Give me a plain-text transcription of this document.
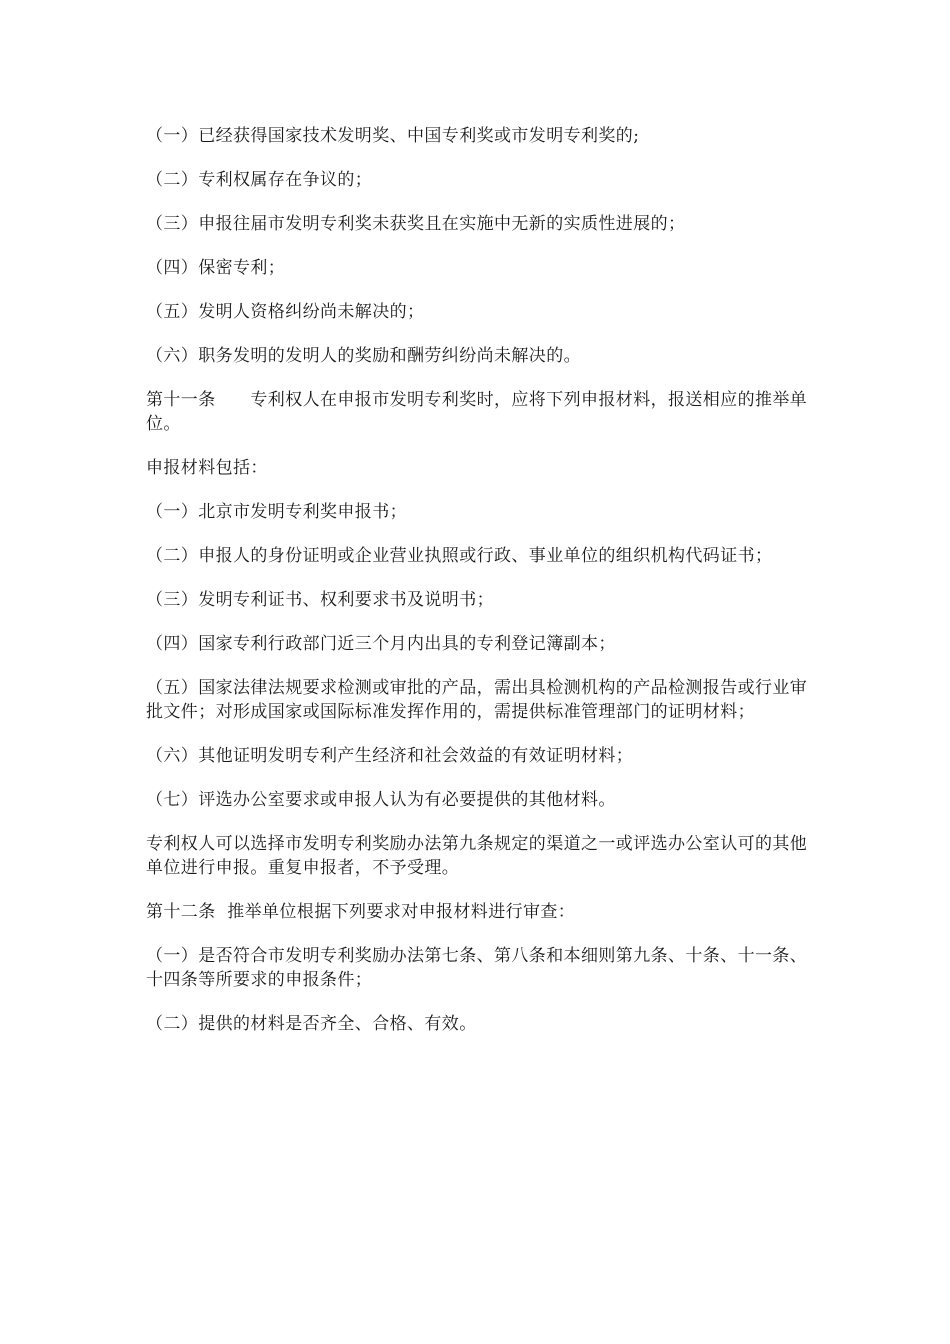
（一）已经获得国家技术发明奖、中国专利奖或市发明专利奖的;

（二）专利权属存在争议的；

（三）申报往届市发明专利奖未获奖且在实施中无新的实质性进展的；

（四）保密专利；

（五）发明人资格纠纷尚未解决的；

（六）职务发明的发明人的奖励和酬劳纠纷尚未解决的。

第十一条　　专利权人在申报市发明专利奖时，应将下列申报材料，报送相应的推举单位。

申报材料包括：

（一）北京市发明专利奖申报书；

（二）申报人的身份证明或企业营业执照或行政、事业单位的组织机构代码证书；

（三）发明专利证书、权利要求书及说明书；

（四）国家专利行政部门近三个月内出具的专利登记簿副本；

（五）国家法律法规要求检测或审批的产品，需出具检测机构的产品检测报告或行业审批文件；对形成国家或国际标准发挥作用的，需提供标准管理部门的证明材料；

（六）其他证明发明专利产生经济和社会效益的有效证明材料；

（七）评选办公室要求或申报人认为有必要提供的其他材料。

专利权人可以选择市发明专利奖励办法第九条规定的渠道之一或评选办公室认可的其他单位进行申报。重复申报者，不予受理。

第十二条  推举单位根据下列要求对申报材料进行审查：

（一）是否符合市发明专利奖励办法第七条、第八条和本细则第九条、十条、十一条、十四条等所要求的申报条件；

（二）提供的材料是否齐全、合格、有效。
